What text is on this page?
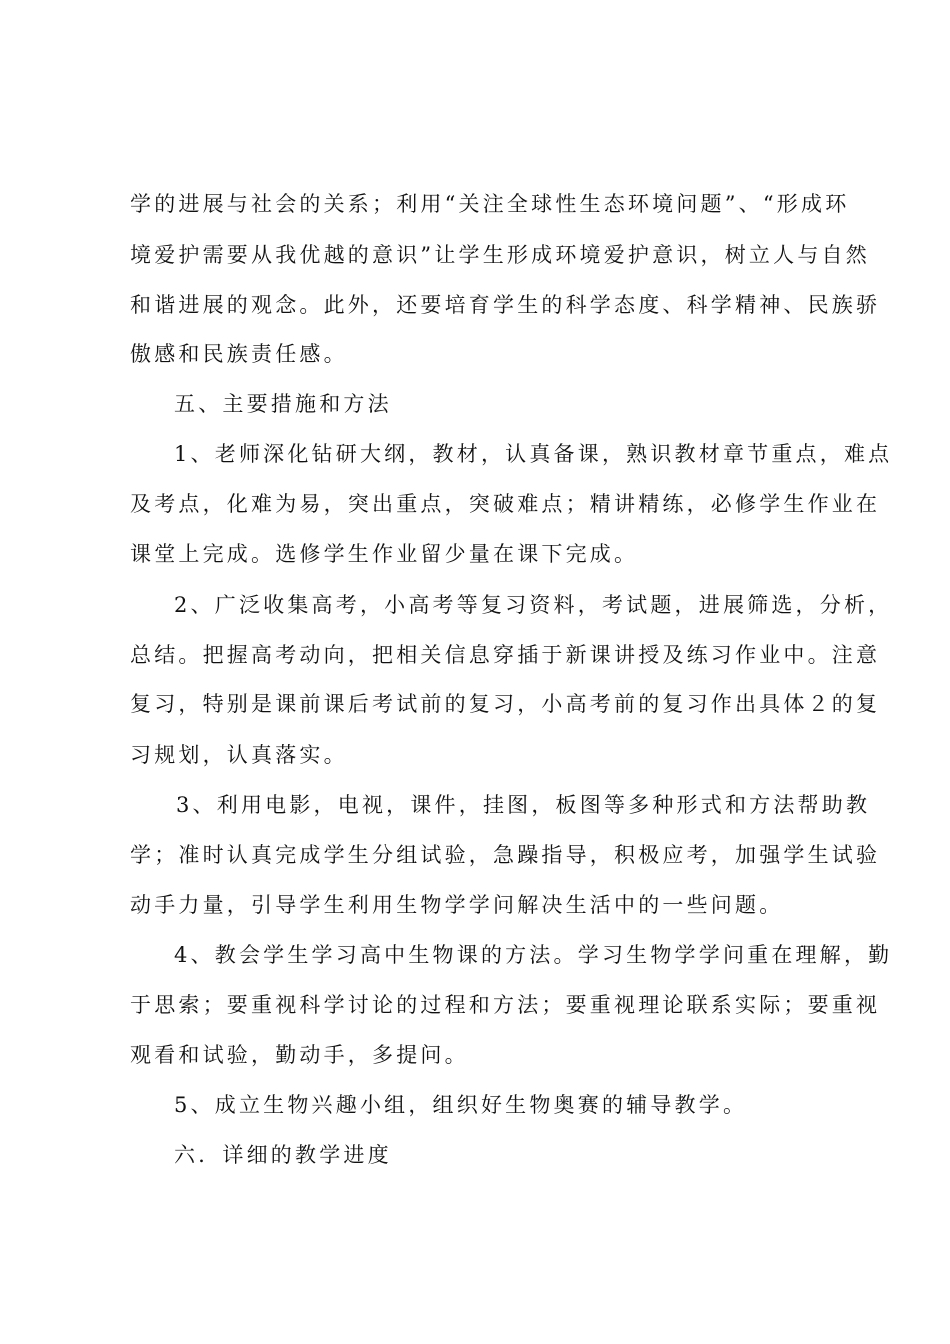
学的进展与社会的关系；利用“关注全球性生态环境问题”、“形成环
境爱护需要从我优越的意识”让学生形成环境爱护意识，树立人与自然
和谐进展的观念。此外，还要培育学生的科学态度、科学精神、民族骄
傲感和民族责任感。
五、主要措施和方法
1、老师深化钻研大纲，教材，认真备课，熟识教材章节重点，难点
及考点，化难为易，突出重点，突破难点；精讲精练，必修学生作业在
课堂上完成。选修学生作业留少量在课下完成。
2、广泛收集高考，小高考等复习资料，考试题，进展筛选，分析，
总结。把握高考动向，把相关信息穿插于新课讲授及练习作业中。注意
复习，特别是课前课后考试前的复习，小高考前的复习作出具体２的复
习规划，认真落实。
3、利用电影，电视，课件，挂图，板图等多种形式和方法帮助教
学；准时认真完成学生分组试验，急躁指导，积极应考，加强学生试验
动手力量，引导学生利用生物学学问解决生活中的一些问题。
4、教会学生学习高中生物课的方法。学习生物学学问重在理解，勤
于思索；要重视科学讨论的过程和方法；要重视理论联系实际；要重视
观看和试验，勤动手，多提问。
5、成立生物兴趣小组，组织好生物奥赛的辅导教学。
六．详细的教学进度
